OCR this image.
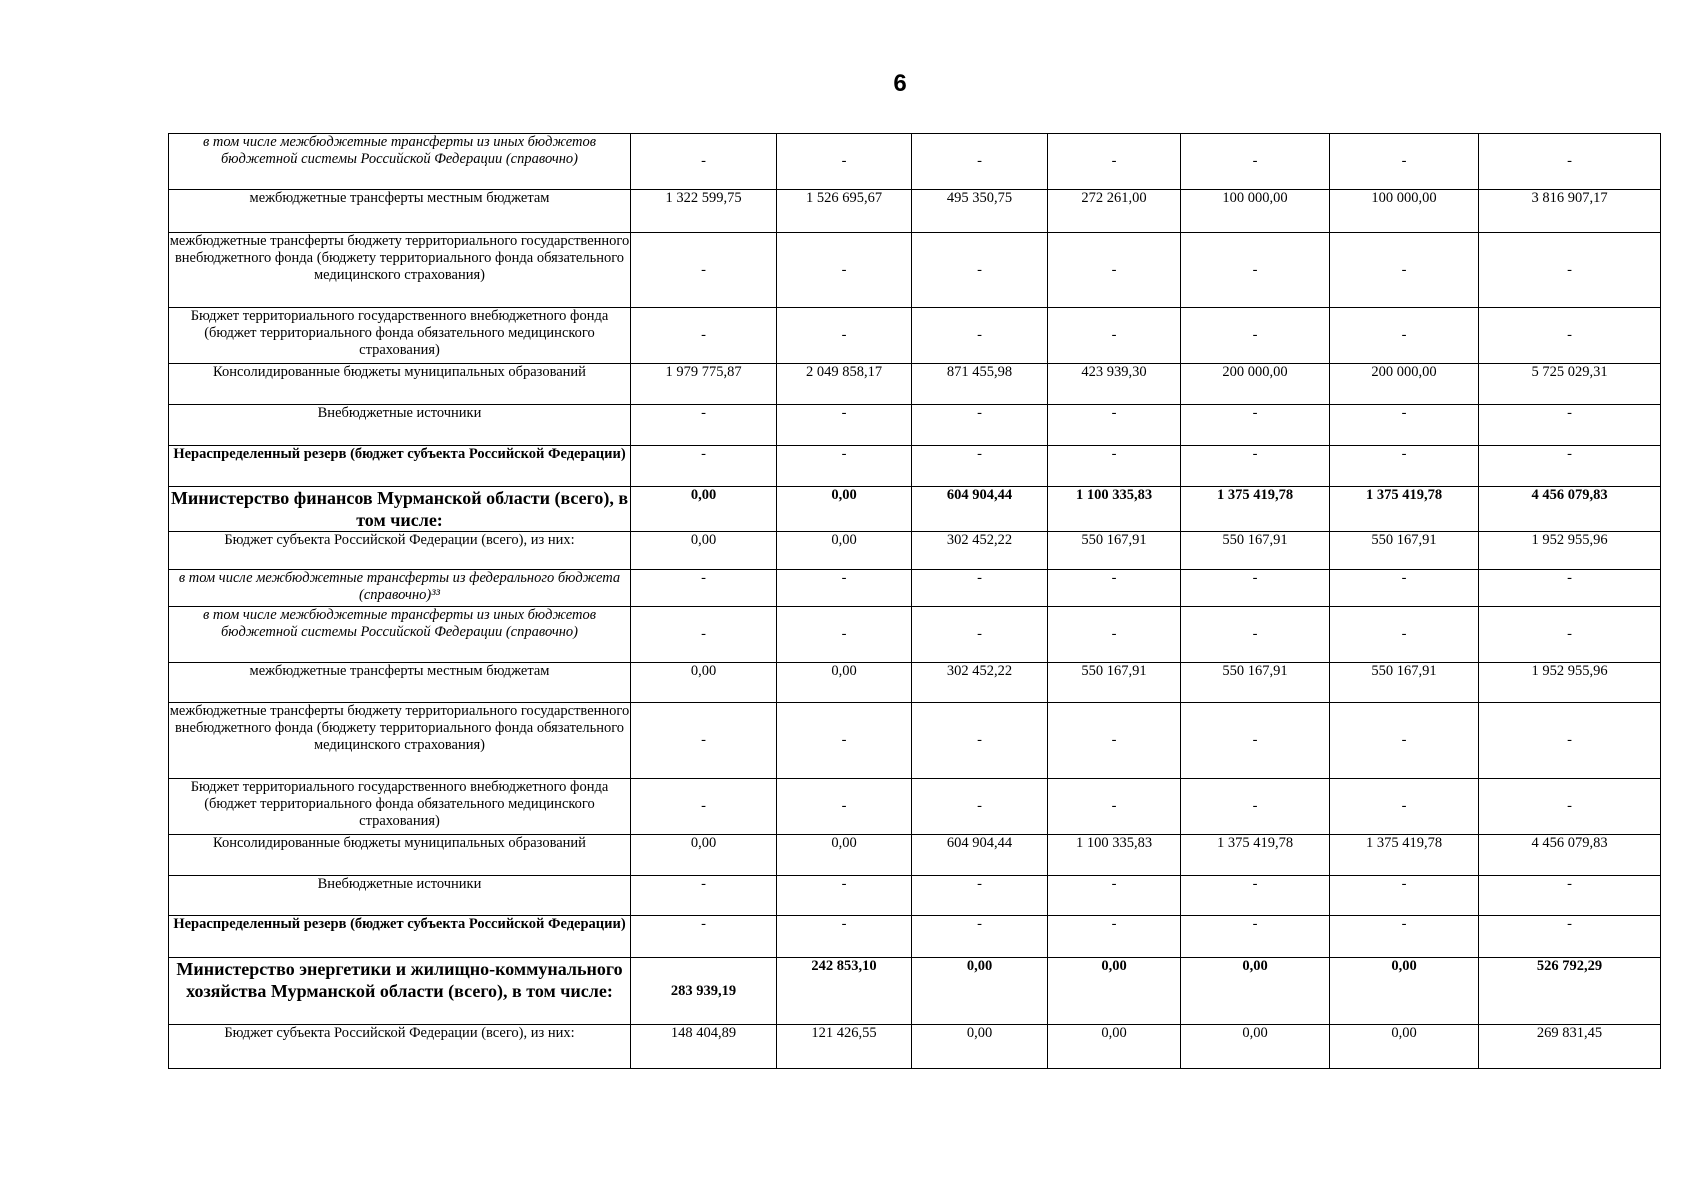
6
в том числе межбюджетные трансферты из иных бюджетов бюджетной системы Российской Федерации (справочно)	-	-	-	-	-	-	-
межбюджетные трансферты местным бюджетам	1 322 599,75	1 526 695,67	495 350,75	272 261,00	100 000,00	100 000,00	3 816 907,17
межбюджетные трансферты бюджету территориального государственного внебюджетного фонда (бюджету территориального фонда обязательного медицинского страхования)	-	-	-	-	-	-	-
Бюджет территориального государственного внебюджетного фонда (бюджет территориального фонда обязательного медицинского страхования)	-	-	-	-	-	-	-
Консолидированные бюджеты муниципальных образований	1 979 775,87	2 049 858,17	871 455,98	423 939,30	200 000,00	200 000,00	5 725 029,31
Внебюджетные источники	-	-	-	-	-	-	-
Нераспределенный резерв (бюджет субъекта Российской Федерации)	-	-	-	-	-	-	-
Министерство финансов Мурманской области (всего), в том числе:	0,00	0,00	604 904,44	1 100 335,83	1 375 419,78	1 375 419,78	4 456 079,83
Бюджет субъекта Российской Федерации (всего), из них:	0,00	0,00	302 452,22	550 167,91	550 167,91	550 167,91	1 952 955,96
в том числе межбюджетные трансферты из федерального бюджета (справочно)³³	-	-	-	-	-	-	-
в том числе межбюджетные трансферты из иных бюджетов бюджетной системы Российской Федерации (справочно)	-	-	-	-	-	-	-
межбюджетные трансферты местным бюджетам	0,00	0,00	302 452,22	550 167,91	550 167,91	550 167,91	1 952 955,96
межбюджетные трансферты бюджету территориального государственного внебюджетного фонда (бюджету территориального фонда обязательного медицинского страхования)	-	-	-	-	-	-	-
Бюджет территориального государственного внебюджетного фонда (бюджет территориального фонда обязательного медицинского страхования)	-	-	-	-	-	-	-
Консолидированные бюджеты муниципальных образований	0,00	0,00	604 904,44	1 100 335,83	1 375 419,78	1 375 419,78	4 456 079,83
Внебюджетные источники	-	-	-	-	-	-	-
Нераспределенный резерв (бюджет субъекта Российской Федерации)	-	-	-	-	-	-	-
Министерство энергетики и жилищно-коммунального хозяйства Мурманской области (всего), в том числе:	283 939,19	242 853,10	0,00	0,00	0,00	0,00	526 792,29
Бюджет субъекта Российской Федерации (всего), из них:	148 404,89	121 426,55	0,00	0,00	0,00	0,00	269 831,45
